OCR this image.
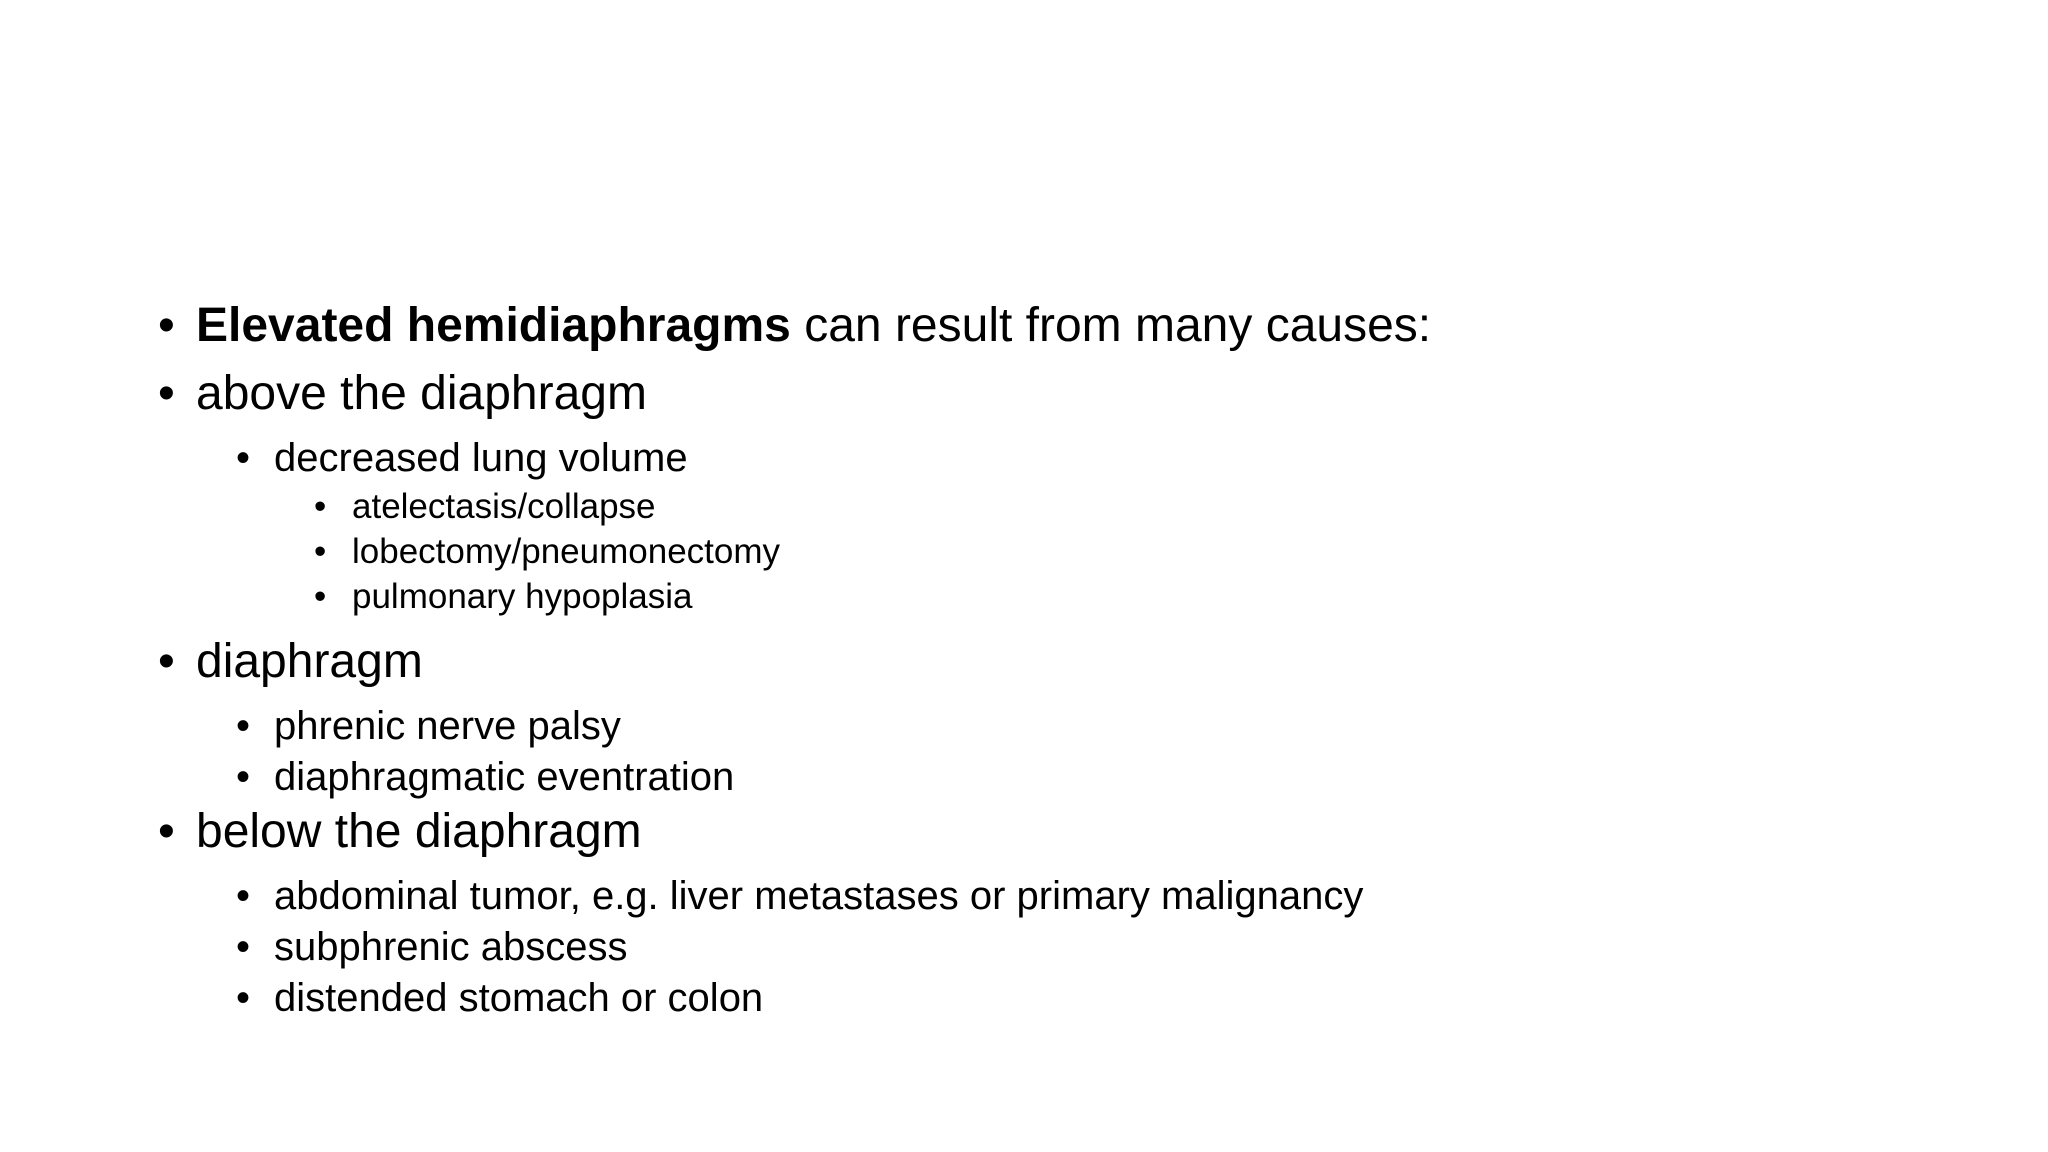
• Elevated hemidiaphragms can result from many causes:
• above the diaphragm
• decreased lung volume
• atelectasis/collapse
• lobectomy/pneumonectomy
• pulmonary hypoplasia
• diaphragm
• phrenic nerve palsy
• diaphragmatic eventration
• below the diaphragm
• abdominal tumor, e.g. liver metastases or primary malignancy
• subphrenic abscess
• distended stomach or colon
